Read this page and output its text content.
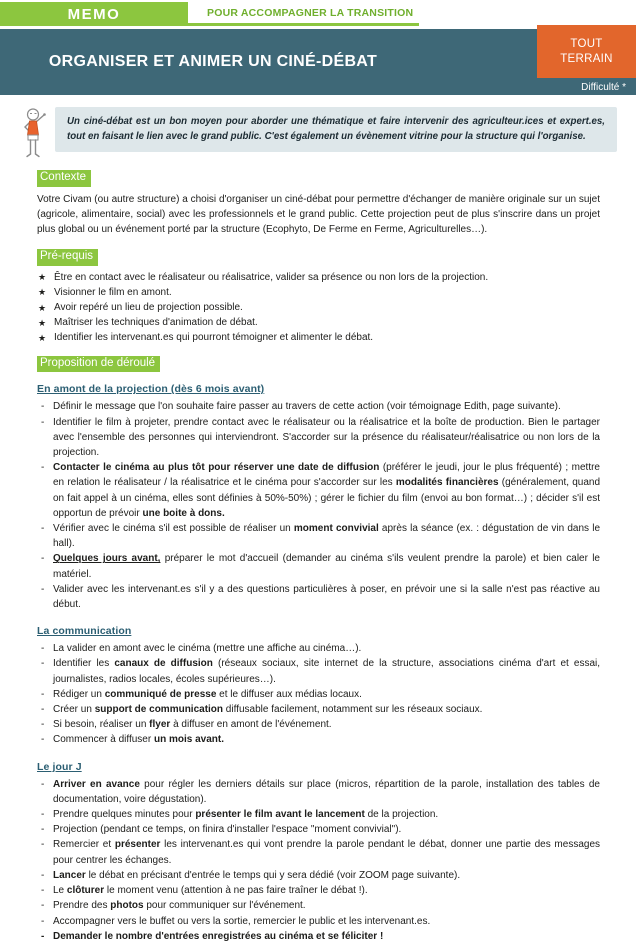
MEMO	POUR ACCOMPAGNER LA TRANSITION
ORGANISER ET ANIMER UN CINÉ-DÉBAT
TOUT
TERRAIN
Difficulté *
Un ciné-débat est un bon moyen pour aborder une thématique et faire intervenir des agriculteur.ices et expert.es, tout en faisant le lien avec le grand public. C'est également un évènement vitrine pour la structure qui l'organise.
Contexte

Votre Civam (ou autre structure) a choisi d'organiser un ciné-débat pour permettre d'échanger de manière originale sur un sujet (agricole, alimentaire, social) avec les professionnels et le grand public. Cette projection peut de plus s'inscrire dans un projet plus global ou un événement porté par la structure (Ecophyto, De Ferme en Ferme, Agriculturelles…).

Pré-requis
★ Être en contact avec le réalisateur ou réalisatrice, valider sa présence ou non lors de la projection.
★ Visionner le film en amont.
★ Avoir repéré un lieu de projection possible.
★ Maîtriser les techniques d'animation de débat.
★ Identifier les intervenant.es qui pourront témoigner et alimenter le débat.
Proposition de déroulé
En amont de la projection (dès 6 mois avant)
- Définir le message que l'on souhaite faire passer au travers de cette action (voir témoignage Edith, page suivante).
- Identifier le film à projeter, prendre contact avec le réalisateur ou la réalisatrice et la boîte de production. Bien le partager avec l'ensemble des personnes qui interviendront. S'accorder sur la présence du réalisateur/réalisatrice ou non lors de la projection.
- Contacter le cinéma au plus tôt pour réserver une date de diffusion (préférer le jeudi, jour le plus fréquenté) ; mettre en relation le réalisateur / la réalisatrice et le cinéma pour s'accorder sur les modalités financières (généralement, quand on fait appel à un cinéma, elles sont définies à 50%-50%) ; gérer le fichier du film (envoi au bon format…) ; décider s'il est opportun de prévoir une boite à dons.
- Vérifier avec le cinéma s'il est possible de réaliser un moment convivial après la séance (ex. : dégustation de vin dans le hall).
- Quelques jours avant, préparer le mot d'accueil (demander au cinéma s'ils veulent prendre la parole) et bien caler le matériel.
- Valider avec les intervenant.es s'il y a des questions particulières à poser, en prévoir une si la salle n'est pas réactive au début.
La communication
- La valider en amont avec le cinéma (mettre une affiche au cinéma…).
- Identifier les canaux de diffusion (réseaux sociaux, site internet de la structure, associations cinéma d'art et essai, journalistes, radios locales, écoles supérieures…).
- Rédiger un communiqué de presse et le diffuser aux médias locaux.
- Créer un support de communication diffusable facilement, notamment sur les réseaux sociaux.
- Si besoin, réaliser un flyer à diffuser en amont de l'événement.
- Commencer à diffuser un mois avant.
Le jour J
- Arriver en avance pour régler les derniers détails sur place (micros, répartition de la parole, installation des tables de documentation, voire dégustation).
- Prendre quelques minutes pour présenter le film avant le lancement de la projection.
- Projection (pendant ce temps, on finira d'installer l'espace "moment convivial").
- Remercier et présenter les intervenant.es qui vont prendre la parole pendant le débat, donner une partie des messages pour centrer les échanges.
- Lancer le débat en précisant d'entrée le temps qui y sera dédié (voir ZOOM page suivante).
- Le clôturer le moment venu (attention à ne pas faire traîner le débat !).
- Prendre des photos pour communiquer sur l'événement.
- Accompagner vers le buffet ou vers la sortie, remercier le public et les intervenant.es.
- Demander le nombre d'entrées enregistrées au cinéma et se féliciter !
